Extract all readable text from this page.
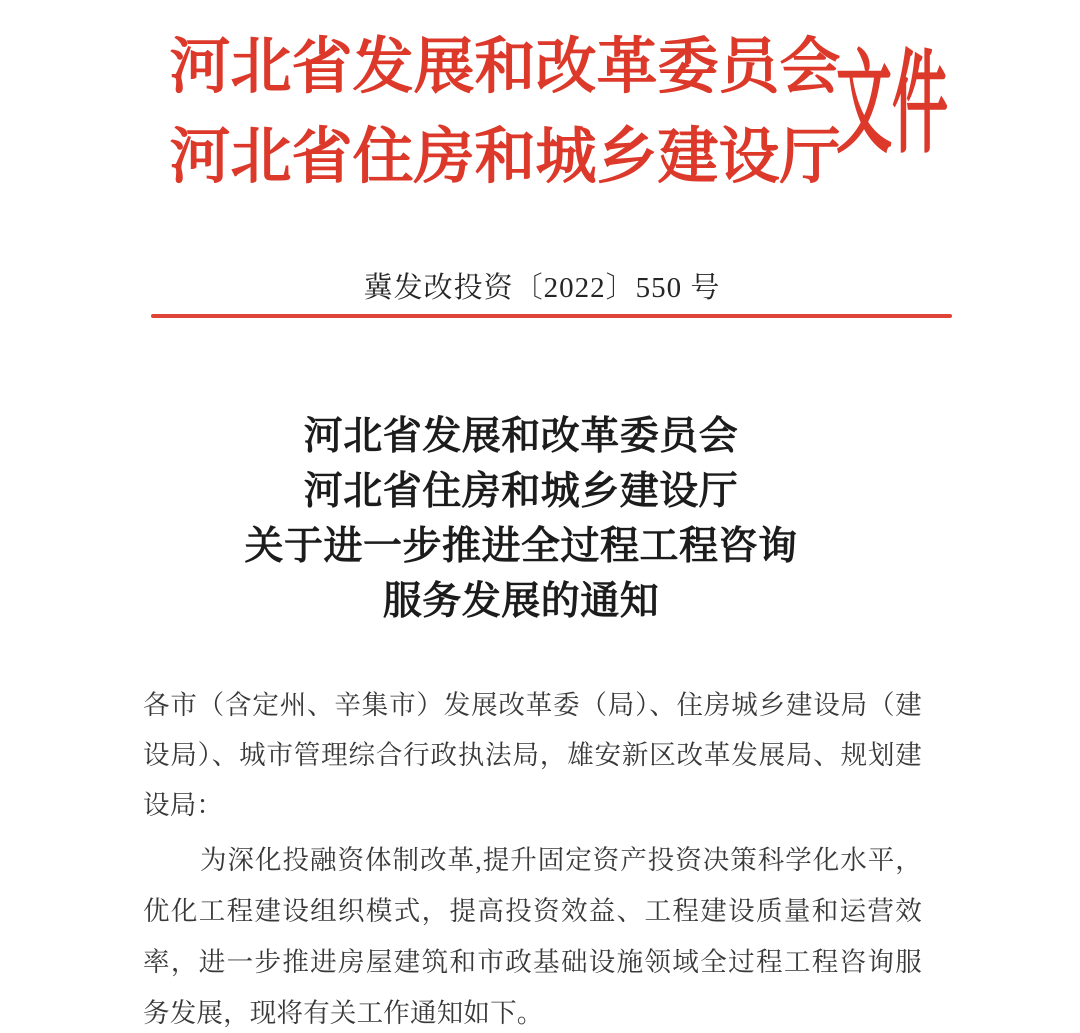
河北省发展和改革委员会
河北省住房和城乡建设厅
文件
冀发改投资〔2022〕550 号
河北省发展和改革委员会
河北省住房和城乡建设厅
关于进一步推进全过程工程咨询
服务发展的通知
各市（含定州、辛集市）发展改革委（局）、住房城乡建设局（建
设局）、城市管理综合行政执法局，雄安新区改革发展局、规划建
设局：
为深化投融资体制改革,提升固定资产投资决策科学化水平，
优化工程建设组织模式，提高投资效益、工程建设质量和运营效
率，进一步推进房屋建筑和市政基础设施领域全过程工程咨询服
务发展，现将有关工作通知如下。
